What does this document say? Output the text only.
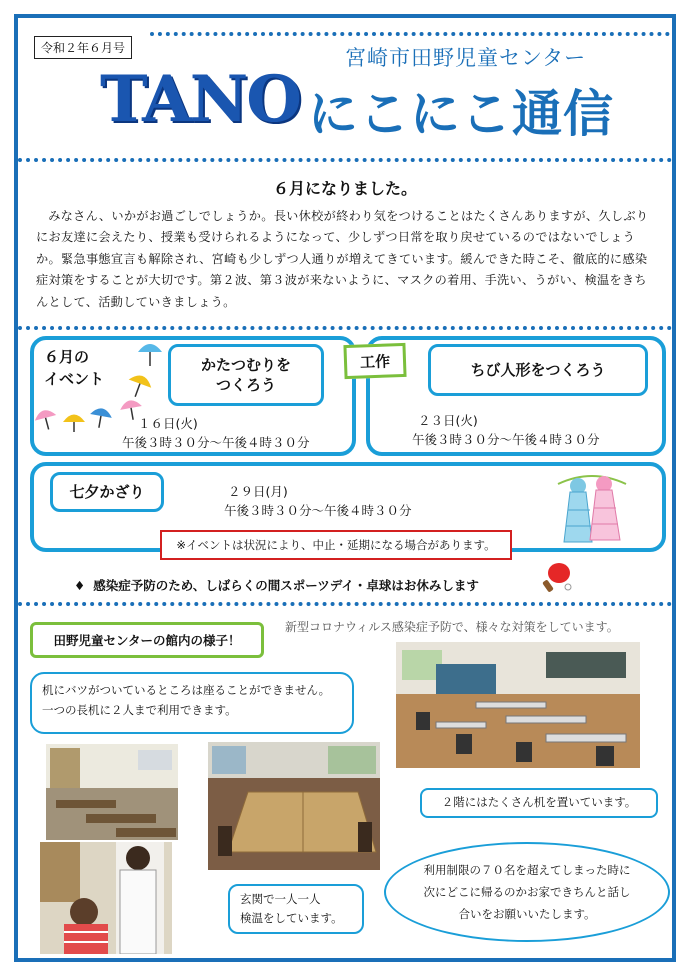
令和２年６月号	宮崎市田野児童センター
TANO にこにこ通信
６月になりました。

みなさん、いかがお過ごしでしょうか。長い休校が終わり気をつけることはたくさんありますが、久しぶりにお友達に会えたり、授業も受けられるようになって、少しずつ日常を取り戻せているのではないでしょうか。緊急事態宣言も解除され、宮崎も少しずつ人通りが増えてきています。緩んできた時こそ、徹底的に感染症対策をすることが大切です。第２波、第３波が来ないように、マスクの着用、手洗い、うがい、検温をきちんとして、活動していきましょう。

６月の
イベント
かたつむりを
つくろう
１６日(火)
午後３時３０分～午後４時３０分
工作	ちび人形をつくろう
２３日(火)
午後３時３０分～午後４時３０分
七夕かざり	２９日(月)
午後３時３０分～午後４時３０分
※イベントは状況により、中止・延期になる場合があります。
♦ 感染症予防のため、しばらくの間スポーツデイ・卓球はお休みします
田野児童センターの館内の様子！
新型コロナウィルス感染症予防で、様々な対策をしています。
机にバツがついているところは座ることができません。
一つの長机に２人まで利用できます。
２階にはたくさん机を置いています。
玄関で一人一人
検温をしています。
利用制限の７０名を超えてしまった時に
次にどこに帰るのかお家できちんと話し
合いをお願いいたします。
